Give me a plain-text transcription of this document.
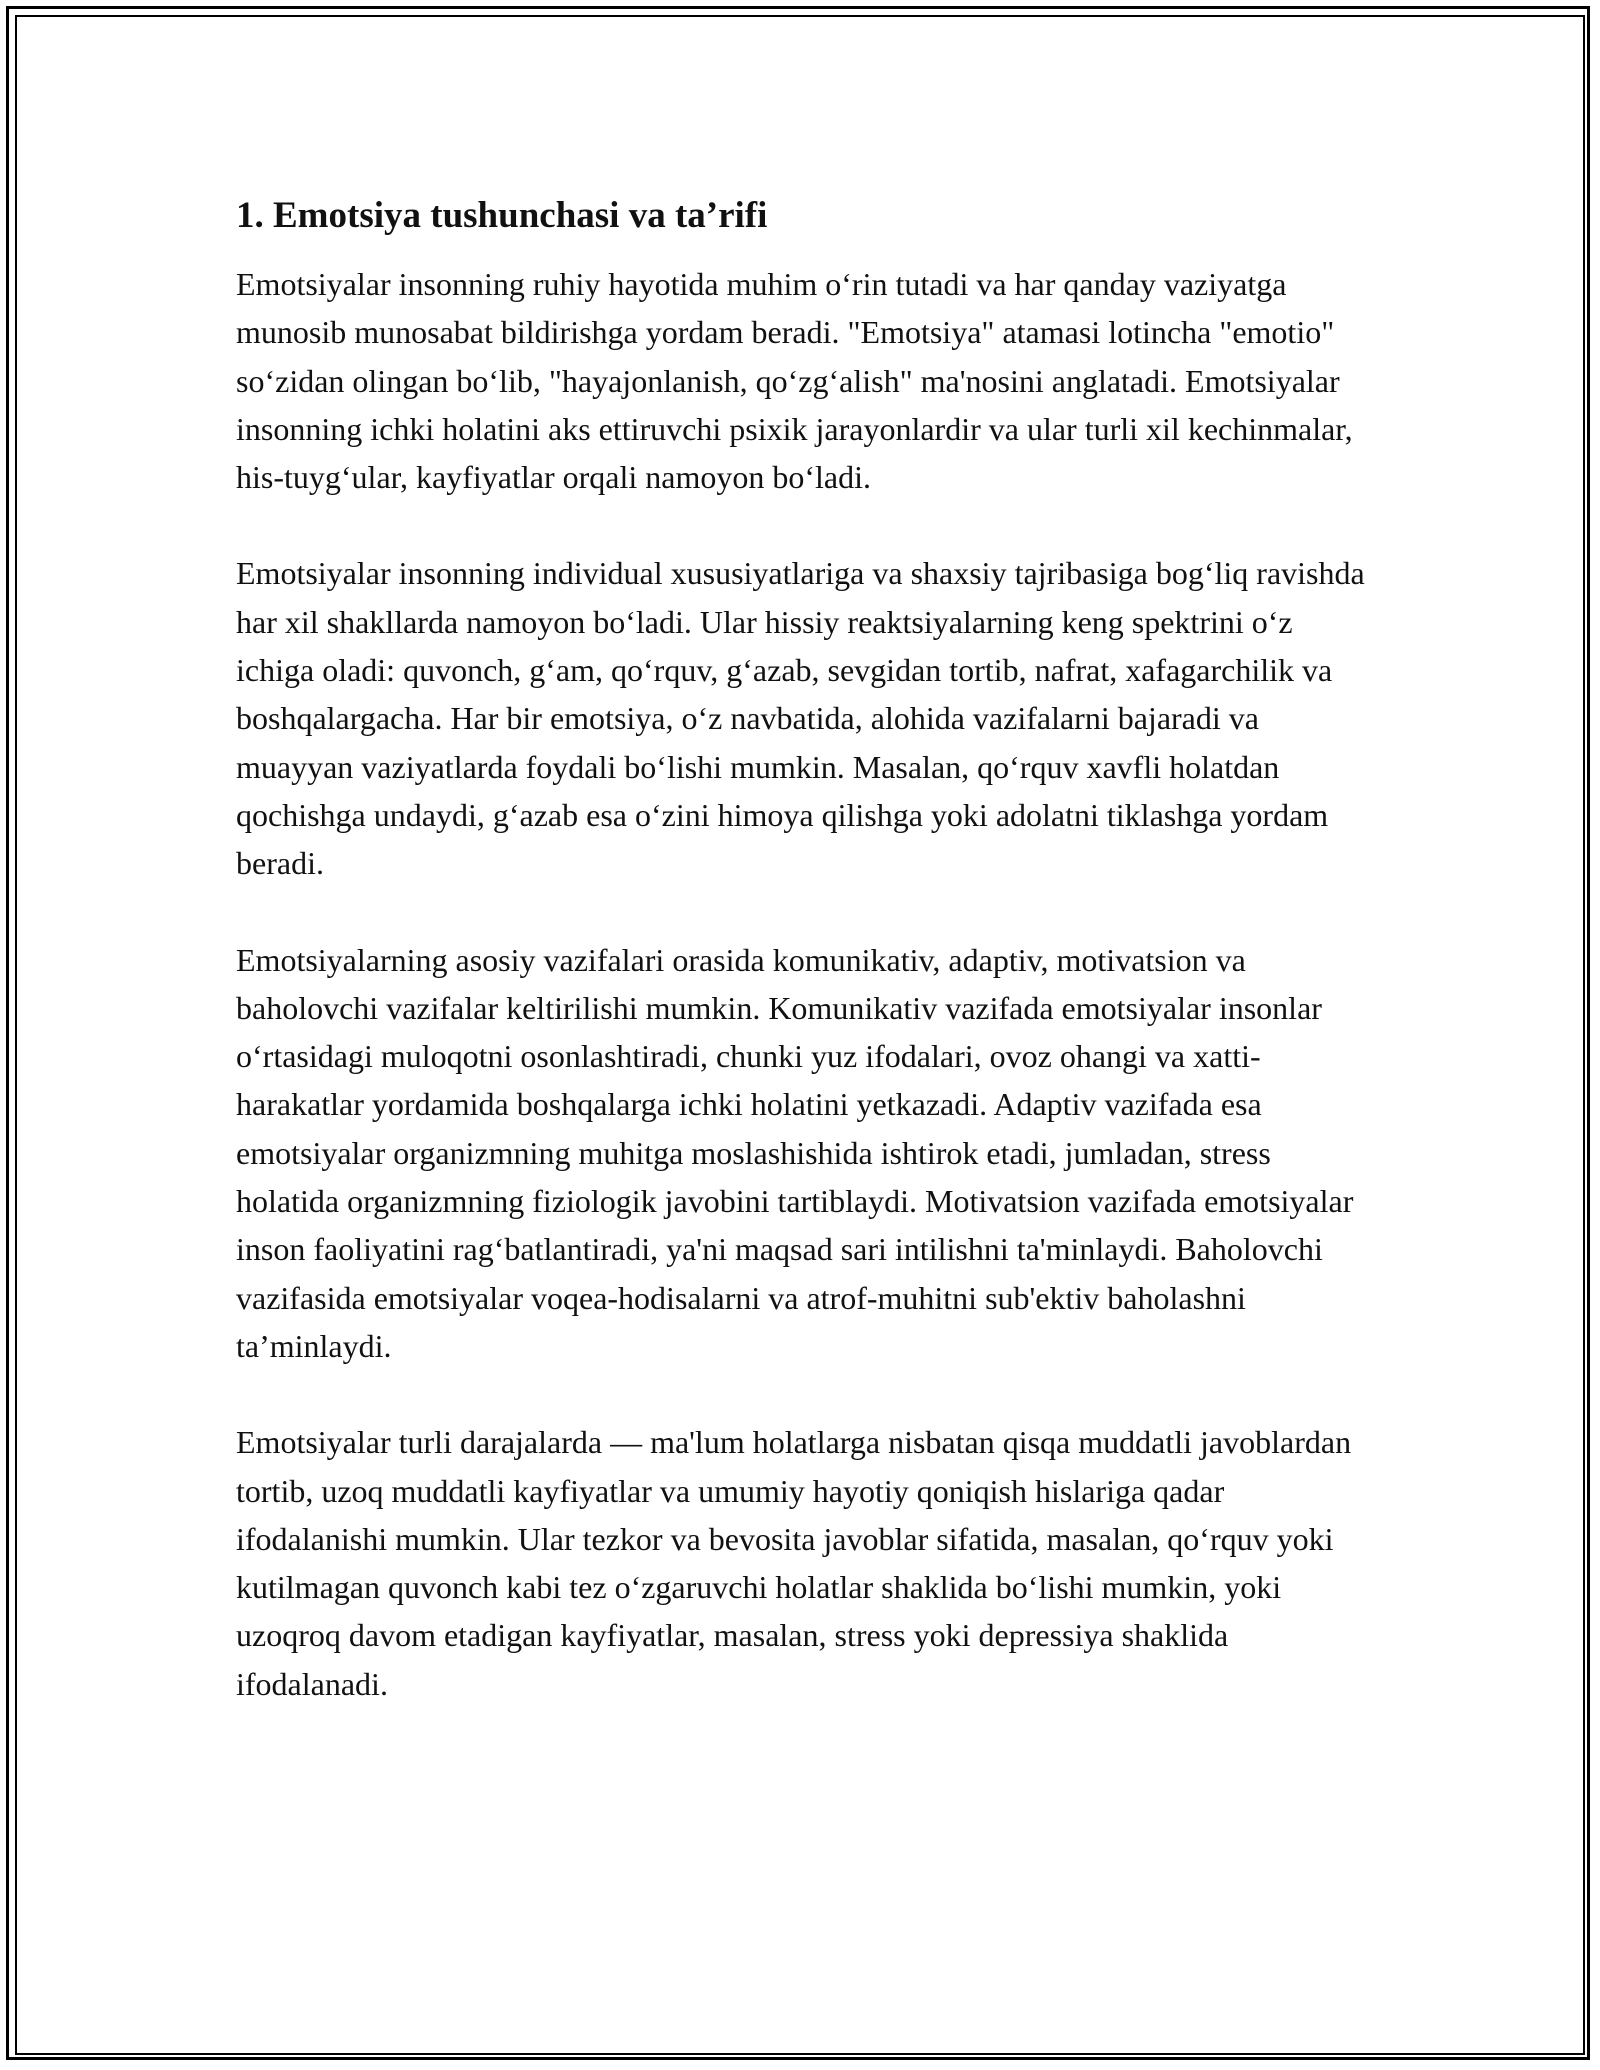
1. Emotsiya tushunchasi va ta’rifi

Emotsiyalar insonning ruhiy hayotida muhim o‘rin tutadi va har qanday vaziyatga munosib munosabat bildirishga yordam beradi. "Emotsiya" atamasi lotincha "emotio" so‘zidan olingan bo‘lib, "hayajonlanish, qo‘zg‘alish" ma'nosini anglatadi. Emotsiyalar insonning ichki holatini aks ettiruvchi psixik jarayonlardir va ular turli xil kechinmalar, his-tuyg‘ular, kayfiyatlar orqali namoyon bo‘ladi.

Emotsiyalar insonning individual xususiyatlariga va shaxsiy tajribasiga bog‘liq ravishda har xil shakllarda namoyon bo‘ladi. Ular hissiy reaktsiyalarning keng spektrini o‘z ichiga oladi: quvonch, g‘am, qo‘rquv, g‘azab, sevgidan tortib, nafrat, xafagarchilik va boshqalargacha. Har bir emotsiya, o‘z navbatida, alohida vazifalarni bajaradi va muayyan vaziyatlarda foydali bo‘lishi mumkin. Masalan, qo‘rquv xavfli holatdan qochishga undaydi, g‘azab esa o‘zini himoya qilishga yoki adolatni tiklashga yordam beradi.

Emotsiyalarning asosiy vazifalari orasida komunikativ, adaptiv, motivatsion va baholovchi vazifalar keltirilishi mumkin. Komunikativ vazifada emotsiyalar insonlar o‘rtasidagi muloqotni osonlashtiradi, chunki yuz ifodalari, ovoz ohangi va xatti-harakatlar yordamida boshqalarga ichki holatini yetkazadi. Adaptiv vazifada esa emotsiyalar organizmning muhitga moslashishida ishtirok etadi, jumladan, stress holatida organizmning fiziologik javobini tartiblaydi. Motivatsion vazifada emotsiyalar inson faoliyatini rag‘batlantiradi, ya'ni maqsad sari intilishni ta'minlaydi. Baholovchi vazifasida emotsiyalar voqea-hodisalarni va atrof-muhitni sub'ektiv baholashni ta’minlaydi.

Emotsiyalar turli darajalarda — ma'lum holatlarga nisbatan qisqa muddatli javoblardan tortib, uzoq muddatli kayfiyatlar va umumiy hayotiy qoniqish hislariga qadar ifodalanishi mumkin. Ular tezkor va bevosita javoblar sifatida, masalan, qo‘rquv yoki kutilmagan quvonch kabi tez o‘zgaruvchi holatlar shaklida bo‘lishi mumkin, yoki uzoqroq davom etadigan kayfiyatlar, masalan, stress yoki depressiya shaklida ifodalanadi.
